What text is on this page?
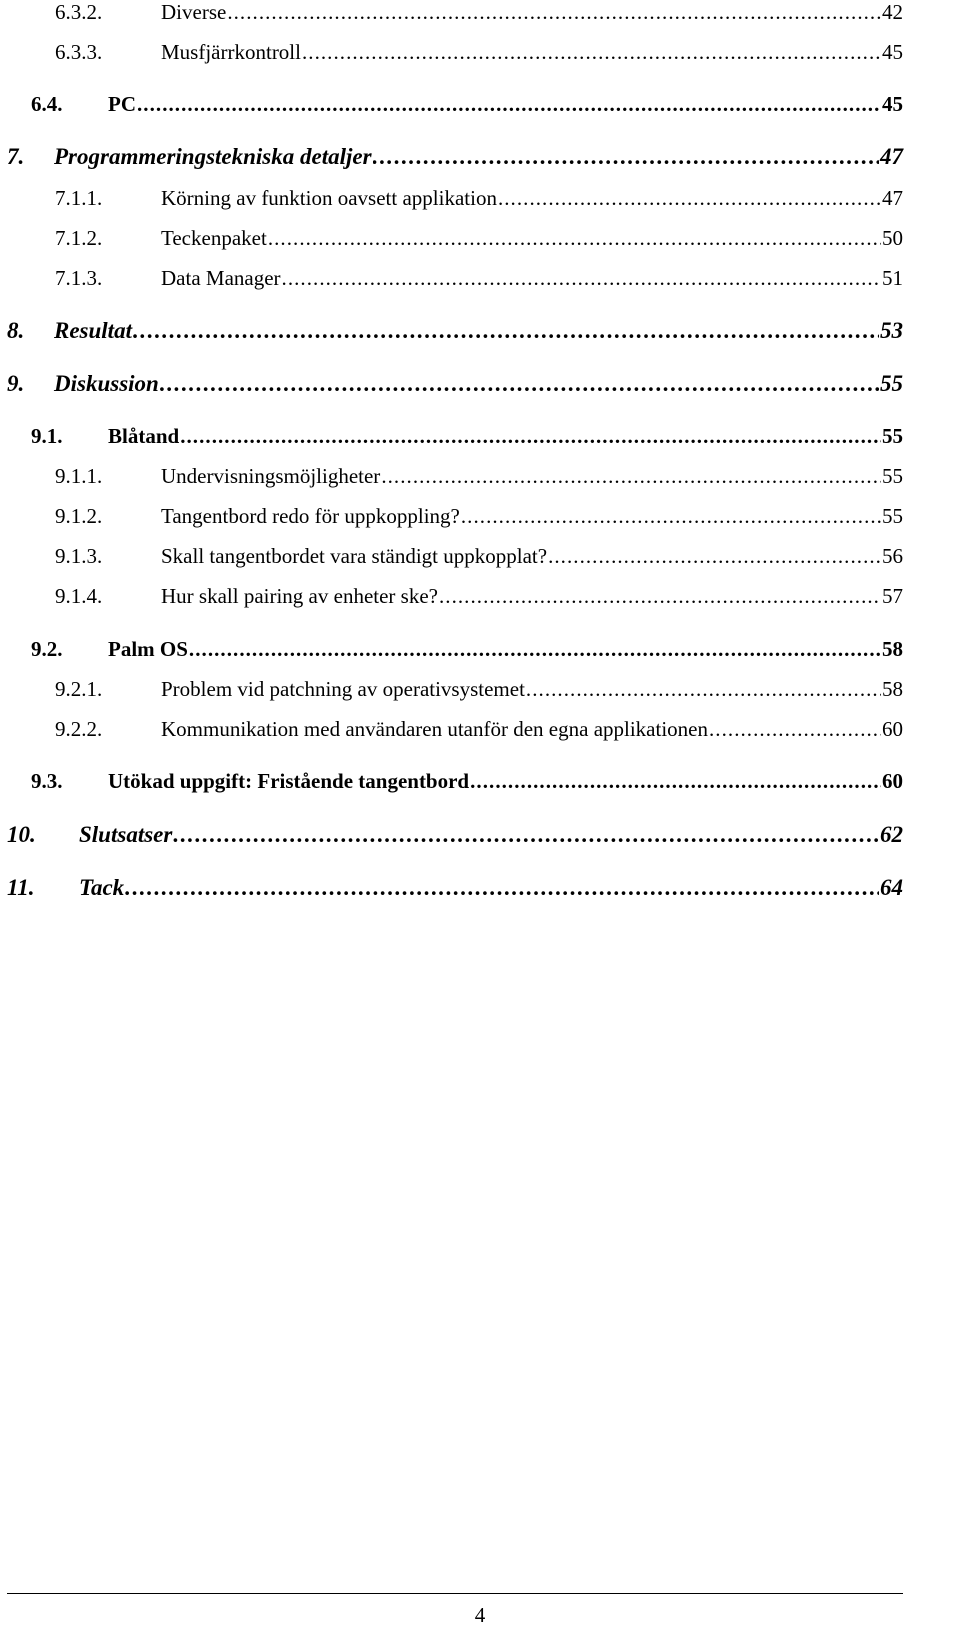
6.3.2.	Diverse . . .	42
6.3.3.	Musfjärrkontroll . . .	45
6.4.	PC . . .	45
7.	Programmeringstekniska detaljer . . .	47
7.1.1.	Körning av funktion oavsett applikation . . .	47
7.1.2.	Teckenpaket . . .	50
7.1.3.	Data Manager . . .	51
8.	Resultat . . .	53
9.	Diskussion . . .	55
9.1.	Blåtand . . .	55
9.1.1.	Undervisningsmöjligheter . . .	55
9.1.2.	Tangentbord redo för uppkoppling? . . .	55
9.1.3.	Skall tangentbordet vara ständigt uppkopplat? . . .	56
9.1.4.	Hur skall pairing av enheter ske? . . .	57
9.2.	Palm OS . . .	58
9.2.1.	Problem vid patchning av operativsystemet . . .	58
9.2.2.	Kommunikation med användaren utanför den egna applikationen . . .	60
9.3.	Utökad uppgift: Fristående tangentbord . . .	60
10.	Slutsatser . . .	62
11.	Tack . . .	64
4
